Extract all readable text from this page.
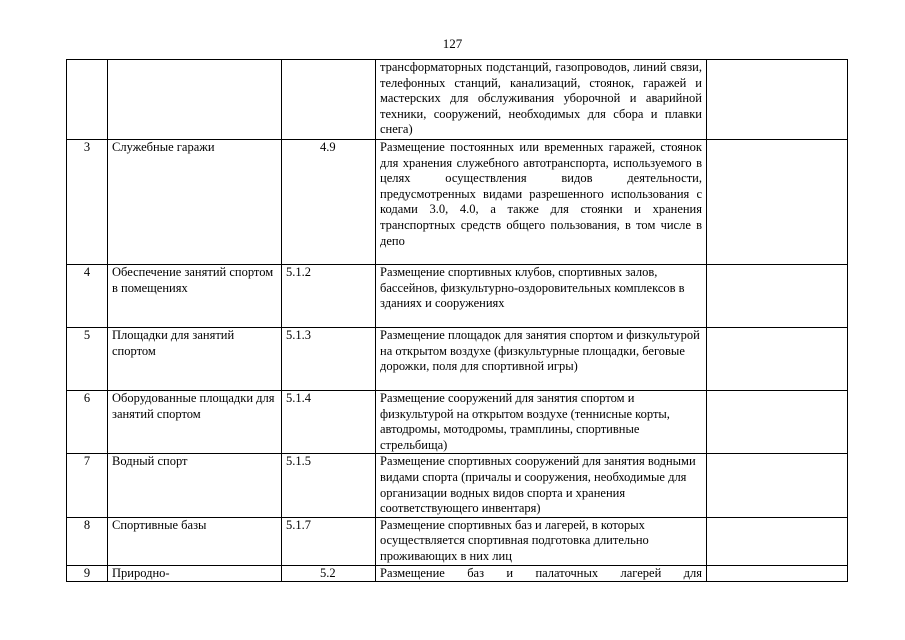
127
			трансформаторных подстанций, газопроводов, линий связи, телефонных станций, канализаций, стоянок, гаражей и мастерских для обслуживания уборочной и аварийной техники, сооружений, необходимых для сбора и плавки снега)	
3	Служебные гаражи	4.9	Размещение постоянных или временных гаражей, стоянок для хранения служебного автотранспорта, используемого в целях осуществления видов деятельности, предусмотренных видами разрешенного использования с кодами 3.0, 4.0, а также для стоянки и хранения транспортных средств общего пользования, в том числе в депо	
4	Обеспечение занятий спортом в помещениях	5.1.2	Размещение спортивных клубов, спортивных залов, бассейнов, физкультурно-оздоровительных комплексов в зданиях и сооружениях	
5	Площадки для занятий спортом	5.1.3	Размещение площадок для занятия спортом и физкультурой на открытом воздухе (физкультурные площадки, беговые дорожки, поля для спортивной игры)	
6	Оборудованные площадки для занятий спортом	5.1.4	Размещение сооружений для занятия спортом и физкультурой на открытом воздухе (теннисные корты, автодромы, мотодромы, трамплины, спортивные стрельбища)	
7	Водный спорт	5.1.5	Размещение спортивных сооружений для занятия водными видами спорта (причалы и сооружения, необходимые для организации водных видов спорта и хранения соответствующего инвентаря)	
8	Спортивные базы	5.1.7	Размещение спортивных баз и лагерей, в которых осуществляется спортивная подготовка длительно проживающих в них лиц	
9	Природно-	5.2	Размещение баз и палаточных лагерей для	
